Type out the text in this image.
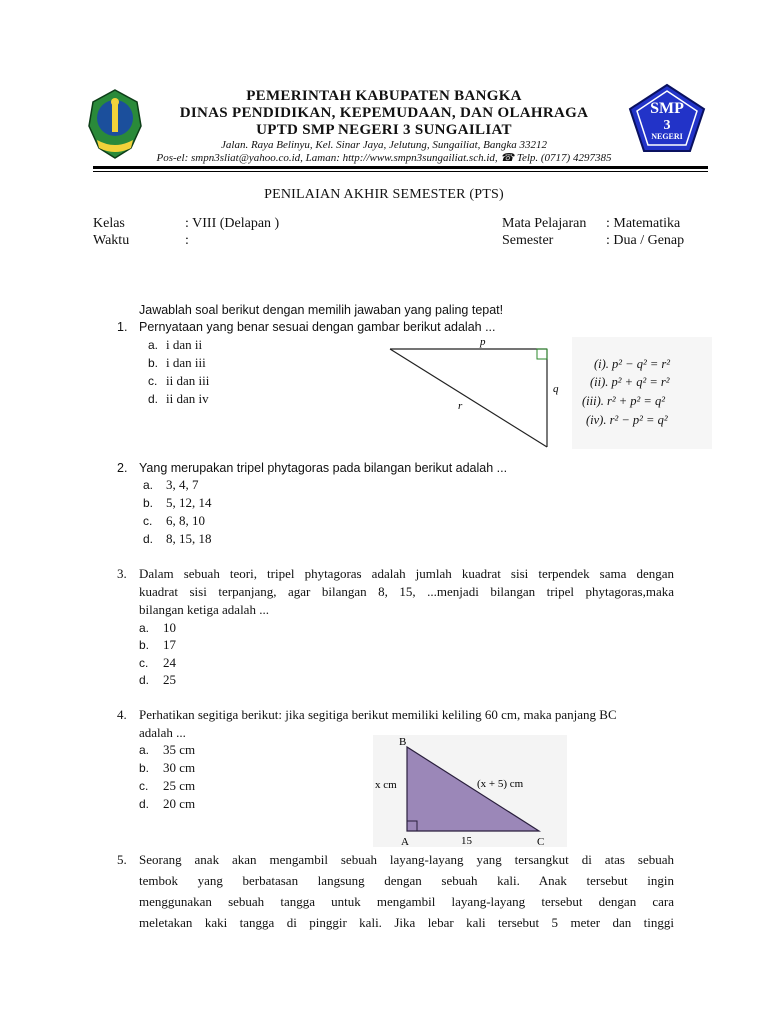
PEMERINTAH KABUPATEN BANGKA
DINAS PENDIDIKAN, KEPEMUDAAN, DAN OLAHRAGA
UPTD SMP NEGERI 3 SUNGAILIAT
Jalan. Raya Belinyu, Kel. Sinar Jaya, Jelutung, Sungailiat, Bangka 33212
Pos-el: smpn3sliat@yahoo.co.id, Laman: http://www.smpn3sungailiat.sch.id, ☎ Telp. (0717) 4297385
SMP
3
NEGERI
PENILAIAN AKHIR SEMESTER (PTS)
Kelas	: VIII (Delapan )
Waktu	:
Mata Pelajaran : Matematika
Semester	: Dua / Genap
Jawablah soal berikut dengan memilih jawaban yang paling tepat!
1. Pernyataan yang benar sesuai dengan gambar berikut adalah ...
a. i dan ii
b. i dan iii
c. ii dan iii
d. ii dan iv
p
q
r
(i). p² − q² = r²
(ii). p² + q² = r²
(iii). r² + p² = q²
(iv). r² − p² = q²
2. Yang merupakan tripel phytagoras pada bilangan berikut adalah ...
a. 3, 4, 7
b. 5, 12, 14
c. 6, 8, 10
d. 8, 15, 18
3. Dalam sebuah teori, tripel phytagoras adalah jumlah kuadrat sisi terpendek sama dengan
kuadrat sisi terpanjang, agar bilangan 8, 15, ...menjadi bilangan tripel phytagoras,maka
bilangan ketiga adalah ...
a. 10
b. 17
c. 24
d. 25
4. Perhatikan segitiga berikut: jika segitiga berikut memiliki keliling 60 cm, maka panjang BC
adalah ...
a. 35 cm
b. 30 cm
c. 25 cm
d. 20 cm
B
A	C
x cm	(x + 5) cm
15
5. Seorang anak akan mengambil sebuah layang-layang yang tersangkut di atas sebuah
tembok yang berbatasan langsung dengan sebuah kali. Anak tersebut ingin
menggunakan sebuah tangga untuk mengambil layang-layang tersebut dengan cara
meletakan kaki tangga di pinggir kali. Jika lebar kali tersebut 5 meter dan tinggi
